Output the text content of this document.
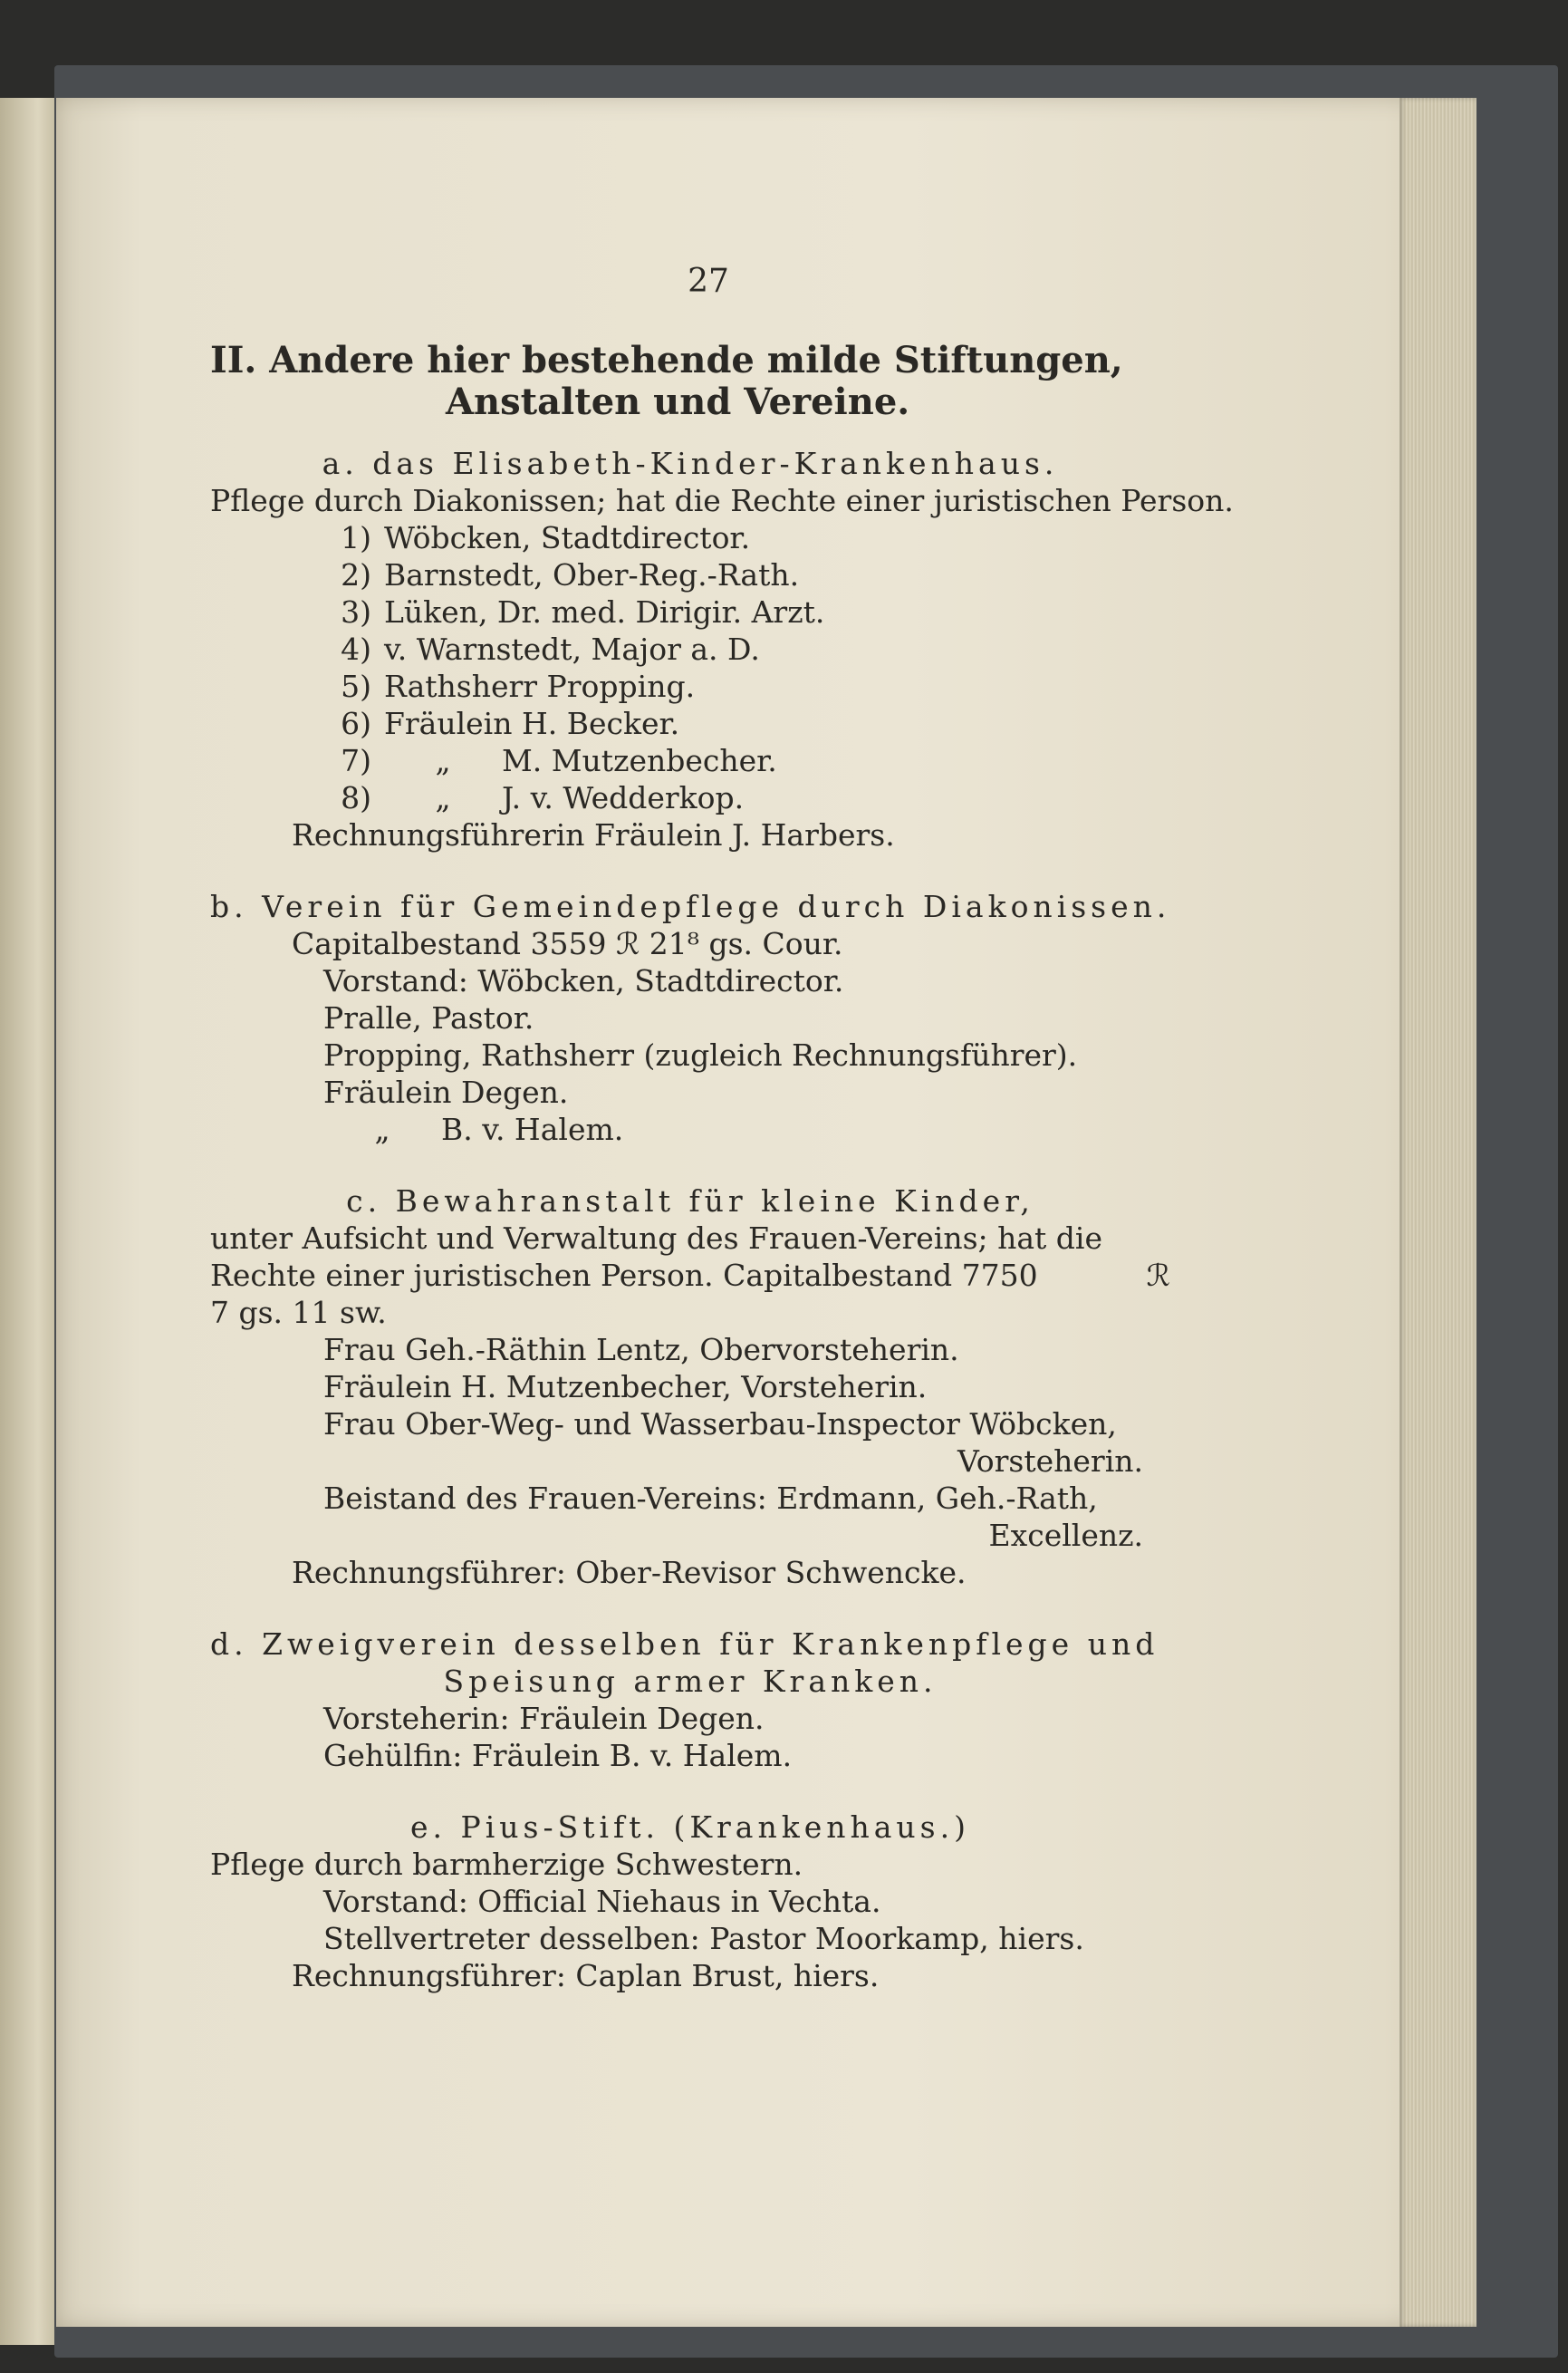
27
II. Andere hier bestehende milde Stiftungen,
Anstalten und Vereine.
a. das Elisabeth-Kinder-Krankenhaus.
Pflege durch Diakonissen; hat die Rechte einer juristischen Person.
1) Wöbcken, Stadtdirector.
2) Barnstedt, Ober-Reg.-Rath.
3) Lüken, Dr. med. Dirigir. Arzt.
4) v. Warnstedt, Major a. D.
5) Rathsherr Propping.
6) Fräulein H. Becker.
7) „ M. Mutzenbecher.
8) „ J. v. Wedderkop.
Rechnungsführerin Fräulein J. Harbers.
b. Verein für Gemeindepflege durch Diakonissen.
Capitalbestand 3559 ℛ 21⁸ gs. Cour.
Vorstand: Wöbcken, Stadtdirector.
Pralle, Pastor.
Propping, Rathsherr (zugleich Rechnungsführer).
Fräulein Degen.
„ B. v. Halem.
c. Bewahranstalt für kleine Kinder,
unter Aufsicht und Verwaltung des Frauen-Vereins; hat die
Rechte einer juristischen Person. Capitalbestand 7750	ℛ
7 gs. 11 sw.
Frau Geh.-Räthin Lentz, Obervorsteherin.
Fräulein H. Mutzenbecher, Vorsteherin.
Frau Ober-Weg- und Wasserbau-Inspector Wöbcken,
Vorsteherin.
Beistand des Frauen-Vereins: Erdmann, Geh.-Rath,
Excellenz.
Rechnungsführer: Ober-Revisor Schwencke.
d. Zweigverein desselben für Krankenpflege und
Speisung armer Kranken.
Vorsteherin: Fräulein Degen.
Gehülfin: Fräulein B. v. Halem.
e. Pius-Stift. (Krankenhaus.)
Pflege durch barmherzige Schwestern.
Vorstand: Official Niehaus in Vechta.
Stellvertreter desselben: Pastor Moorkamp, hiers.
Rechnungsführer: Caplan Brust, hiers.
